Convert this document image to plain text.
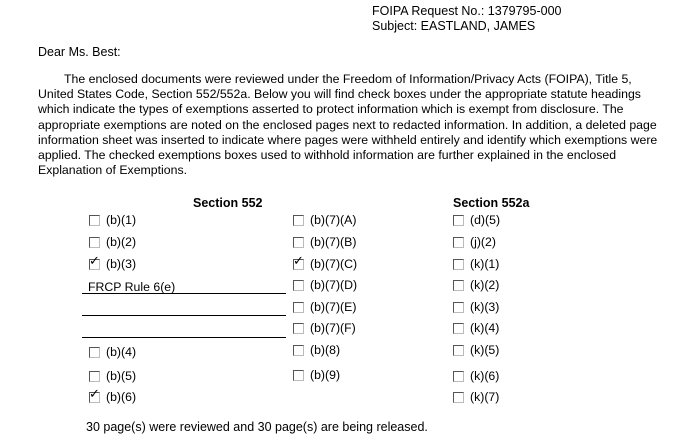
FOIPA Request No.: 1379795-000
Subject: EASTLAND, JAMES
Dear Ms. Best:
The enclosed documents were reviewed under the Freedom of Information/Privacy Acts (FOIPA), Title 5, United States Code, Section 552/552a. Below you will find check boxes under the appropriate statute headings which indicate the types of exemptions asserted to protect information which is exempt from disclosure. The appropriate exemptions are noted on the enclosed pages next to redacted information. In addition, a deleted page information sheet was inserted to indicate where pages were withheld entirely and identify which exemptions were applied. The checked exemptions boxes used to withhold information are further explained in the enclosed Explanation of Exemptions.
Section 552	Section 552a
(b)(1)
(b)(2)
✓ (b)(3)
FRCP Rule 6(e)
(b)(4)
(b)(5)
✓ (b)(6)
(b)(7)(A)
(b)(7)(B)
✓ (b)(7)(C)
(b)(7)(D)
(b)(7)(E)
(b)(7)(F)
(b)(8)
(b)(9)
(d)(5)
(j)(2)
(k)(1)
(k)(2)
(k)(3)
(k)(4)
(k)(5)
(k)(6)
(k)(7)
30 page(s) were reviewed and 30 page(s) are being released.
